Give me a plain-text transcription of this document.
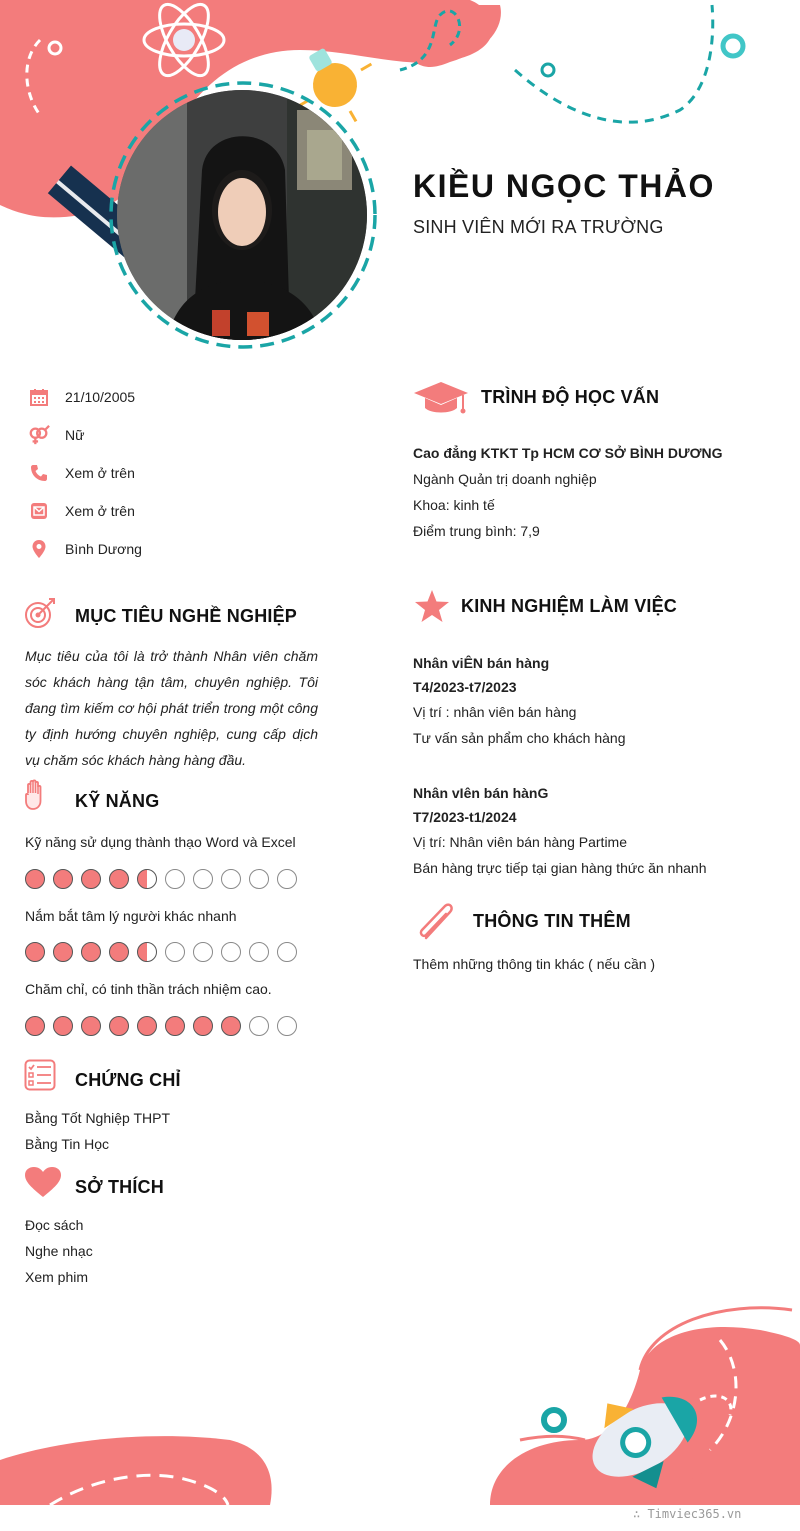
KIỀU NGỌC THẢO
SINH VIÊN MỚI RA TRƯỜNG
21/10/2005
Nữ
Xem ở trên
Xem ở trên
Bình Dương
MỤC TIÊU NGHỀ NGHIỆP
Mục tiêu của tôi là trở thành Nhân viên chăm sóc khách hàng tận tâm, chuyên nghiệp. Tôi đang tìm kiếm cơ hội phát triển trong một công ty định hướng chuyên nghiệp, cung cấp dịch vụ chăm sóc khách hàng hàng đầu.
KỸ NĂNG
Kỹ năng sử dụng thành thạo Word và Excel
Nắm bắt tâm lý người khác nhanh
Chăm chỉ, có tinh thần trách nhiệm cao.
CHỨNG CHỈ
Bằng Tốt Nghiệp THPT
Bằng Tin Học
SỞ THÍCH
Đọc sách
Nghe nhạc
Xem phim
TRÌNH ĐỘ HỌC VẤN
Cao đẳng KTKT Tp HCM CƠ SỞ BÌNH DƯƠNG
Ngành Quản trị doanh nghiệp
Khoa: kinh tế
Điểm trung bình: 7,9
KINH NGHIỆM LÀM VIỆC
Nhân viÊN bán hàng
T4/2023-t7/2023
Vị trí : nhân viên bán hàng
Tư vấn sản phẩm cho khách hàng
Nhân vIên bán hànG
T7/2023-t1/2024
Vị trí: Nhân viên bán hàng Partime
Bán hàng trực tiếp tại gian hàng thức ăn nhanh
THÔNG TIN THÊM
Thêm những thông tin khác ( nếu cần )
∴ Timviec365.vn
